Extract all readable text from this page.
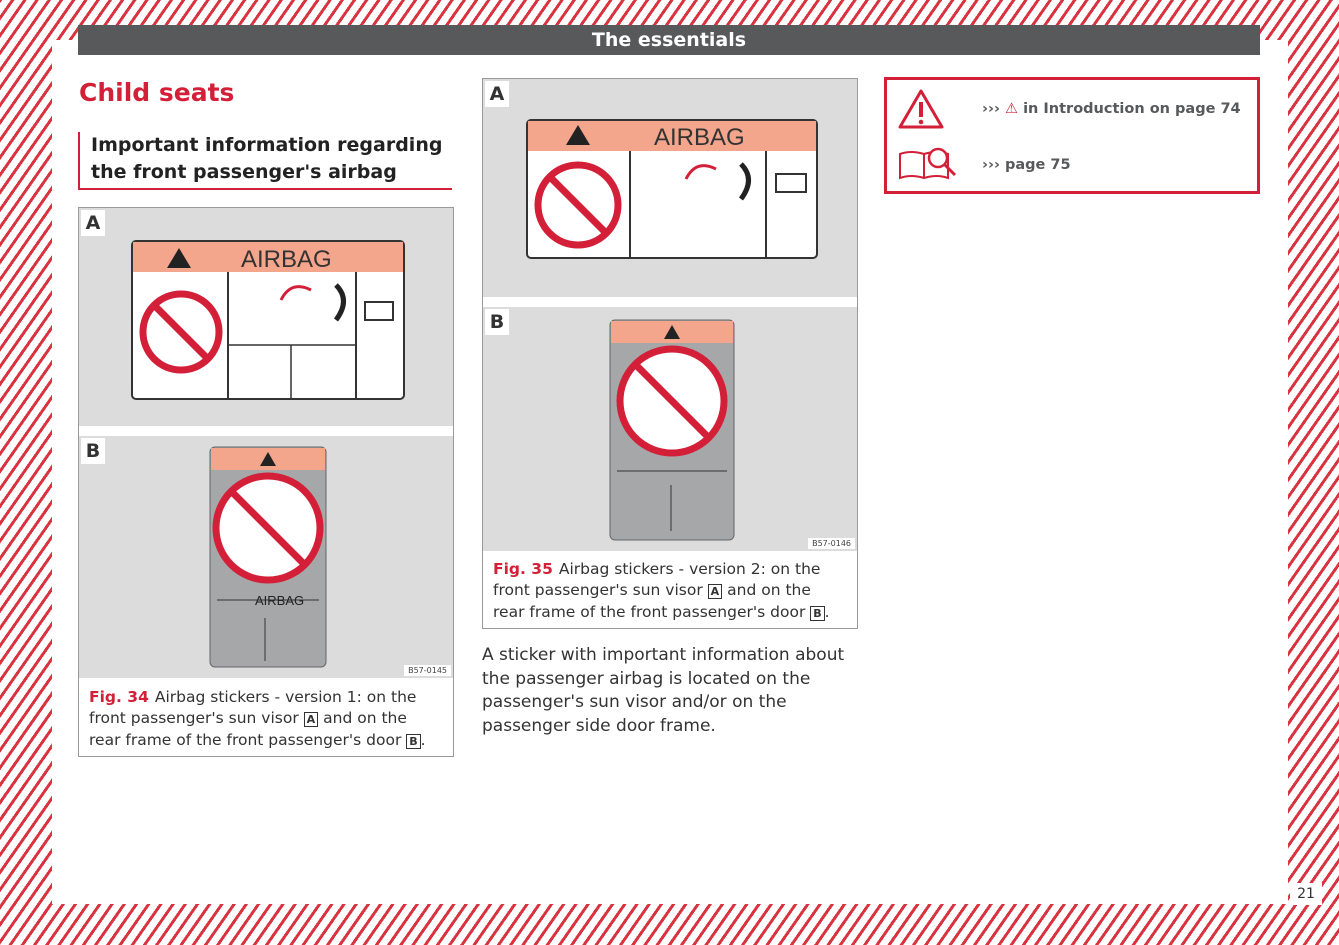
The essentials
Child seats
Important information regarding the front passenger's airbag
A
AIRBAG
B
AIRBAG
B57-0145
Fig. 34 Airbag stickers - version 1: on the front passenger's sun visor A and on the rear frame of the front passenger's door B .
A
AIRBAG
B
B57-0146
Fig. 35 Airbag stickers - version 2: on the front passenger's sun visor A and on the rear frame of the front passenger's door B .
A sticker with important information about the passenger airbag is located on the passenger's sun visor and/or on the passenger side door frame.
››› ⚠ in Introduction on page 74
››› page 75
21
